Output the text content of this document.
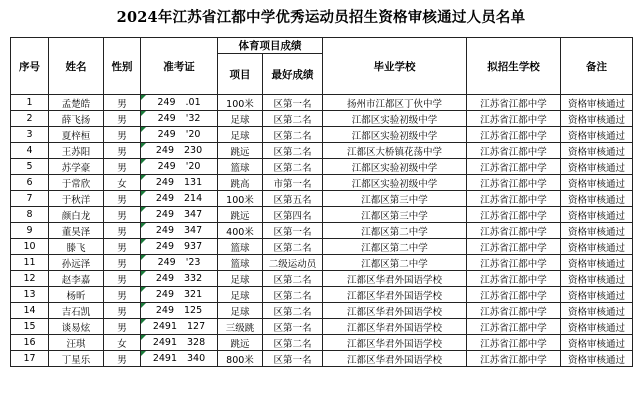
2024年江苏省江都中学优秀运动员招生资格审核通过人员名单
序号	姓名	性别	准考证	体育项目成绩		毕业学校	拟招生学校	备注
				项目	最好成绩			
1	孟楚皓	男	249 .01	100米	区第一名	扬州市江都区丁伙中学	江苏省江都中学	资格审核通过
2	薛飞扬	男	249 '32	足球	区第二名	江都区实验初级中学	江苏省江都中学	资格审核通过
3	夏梓桓	男	249 '20	足球	区第二名	江都区实验初级中学	江苏省江都中学	资格审核通过
4	王苏阳	男	249 230	跳远	区第二名	江都区大桥镇花荡中学	江苏省江都中学	资格审核通过
5	苏学豪	男	249 '20	篮球	区第二名	江都区实验初级中学	江苏省江都中学	资格审核通过
6	于常欣	女	249 131	跳高	市第一名	江都区实验初级中学	江苏省江都中学	资格审核通过
7	于秋洋	男	249 214	100米	区第五名	江都区第三中学	江苏省江都中学	资格审核通过
8	颜白龙	男	249 347	跳远	区第四名	江都区第三中学	江苏省江都中学	资格审核通过
9	董昊泽	男	249 347	400米	区第一名	江都区第二中学	江苏省江都中学	资格审核通过
10	滕飞	男	249 937	篮球	区第二名	江都区第二中学	江苏省江都中学	资格审核通过
11	孙远泽	男	249 '23	篮球	二级运动员	江都区第二中学	江苏省江都中学	资格审核通过
12	赵李嘉	男	249 332	足球	区第二名	江都区华君外国语学校	江苏省江都中学	资格审核通过
13	杨昕	男	249 321	足球	区第二名	江都区华君外国语学校	江苏省江都中学	资格审核通过
14	吉石凯	男	249 125	足球	区第二名	江都区华君外国语学校	江苏省江都中学	资格审核通过
15	谈易炫	男	2491 127	三级跳	区第一名	江都区华君外国语学校	江苏省江都中学	资格审核通过
16	汪琪	女	2491 328	跳远	区第二名	江都区华君外国语学校	江苏省江都中学	资格审核通过
17	丁星乐	男	2491 340	800米	区第一名	江都区华君外国语学校	江苏省江都中学	资格审核通过
